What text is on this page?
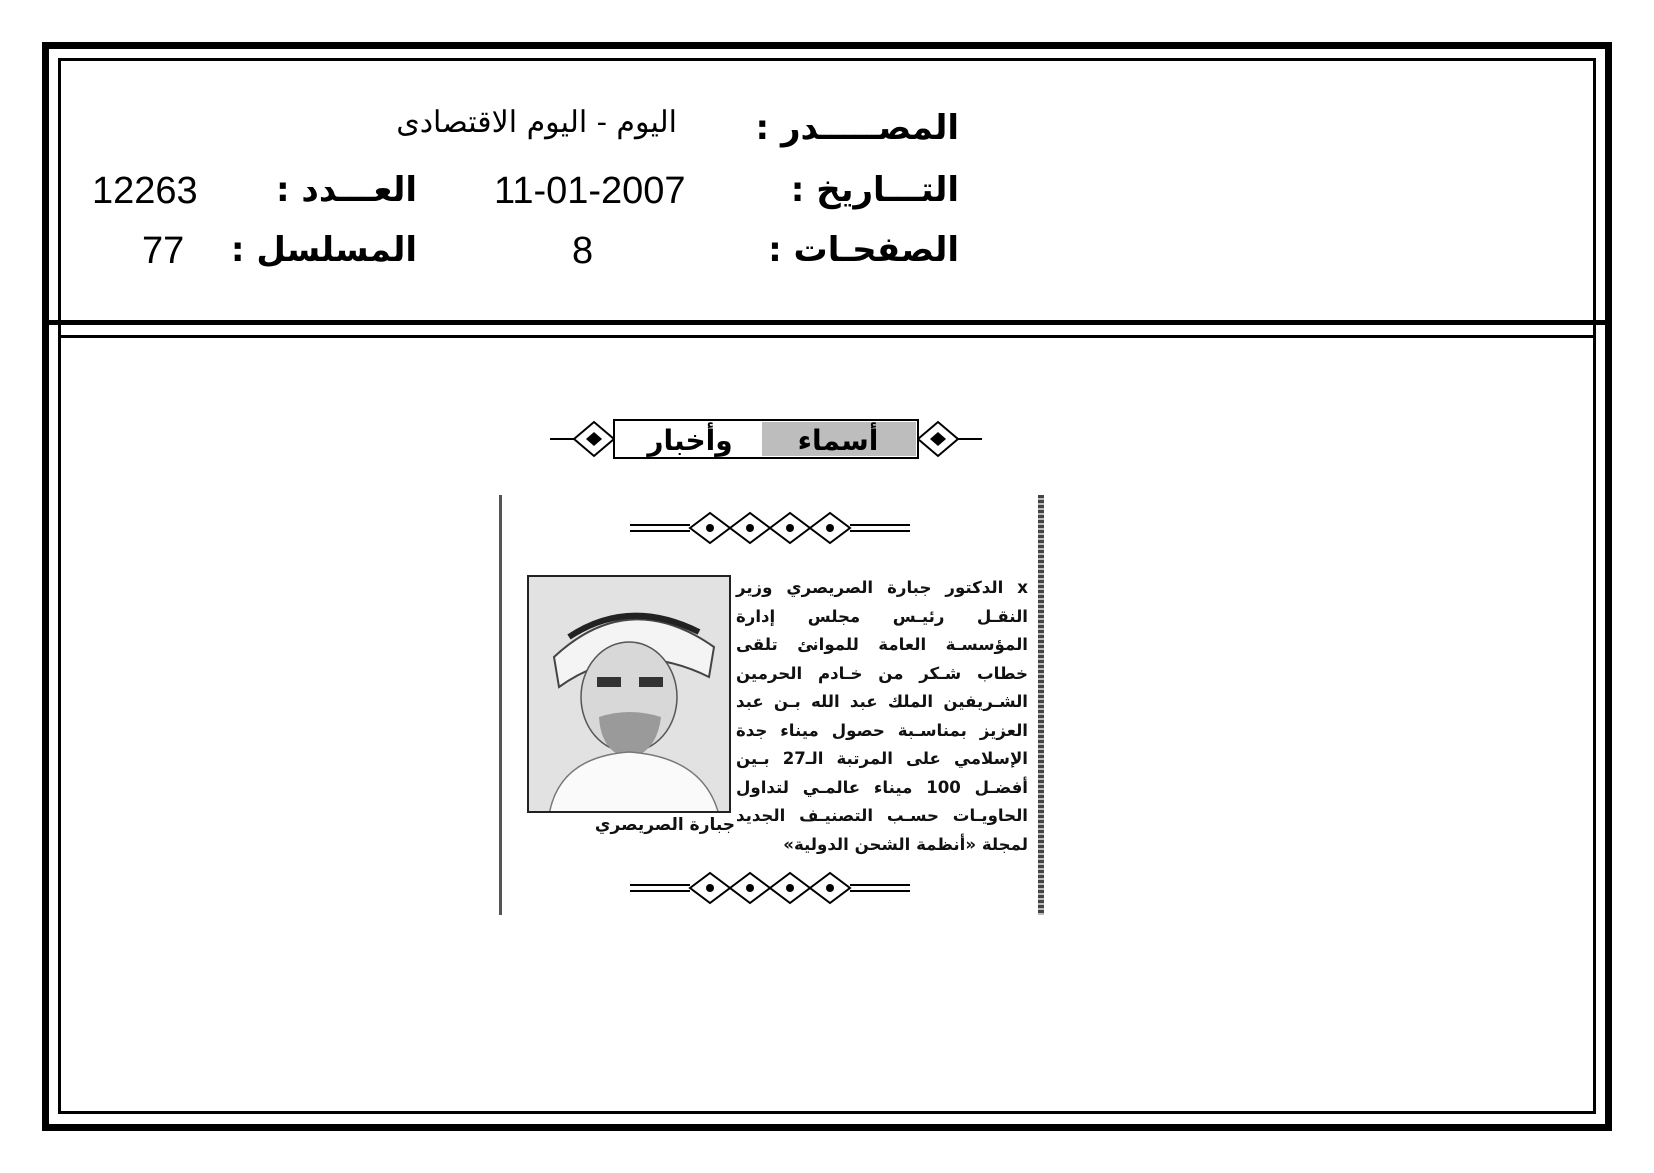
المصـــــدر :
اليوم - اليوم الاقتصادى
التـــاريخ :
11-01-2007
العـــدد :
12263
الصفحـات :
8
المسلسل :
77
وأخبار أسماء
جبارة الصريصري
x الدكتور جبارة الصريصري وزير النقـل رئيـس مجلس إدارة المؤسسـة العامة للموانئ تلقى خطاب شـكر من خـادم الحرمين الشـريفين الملك عبد الله بـن عبد العزيز بمناسـبة حصول ميناء جدة الإسلامي على المرتبة الـ27 بـين أفضـل 100 ميناء عالمـي لتداول الحاويـات حسـب التصنيـف الجديد لمجلة «أنظمة الشحن الدولية»
